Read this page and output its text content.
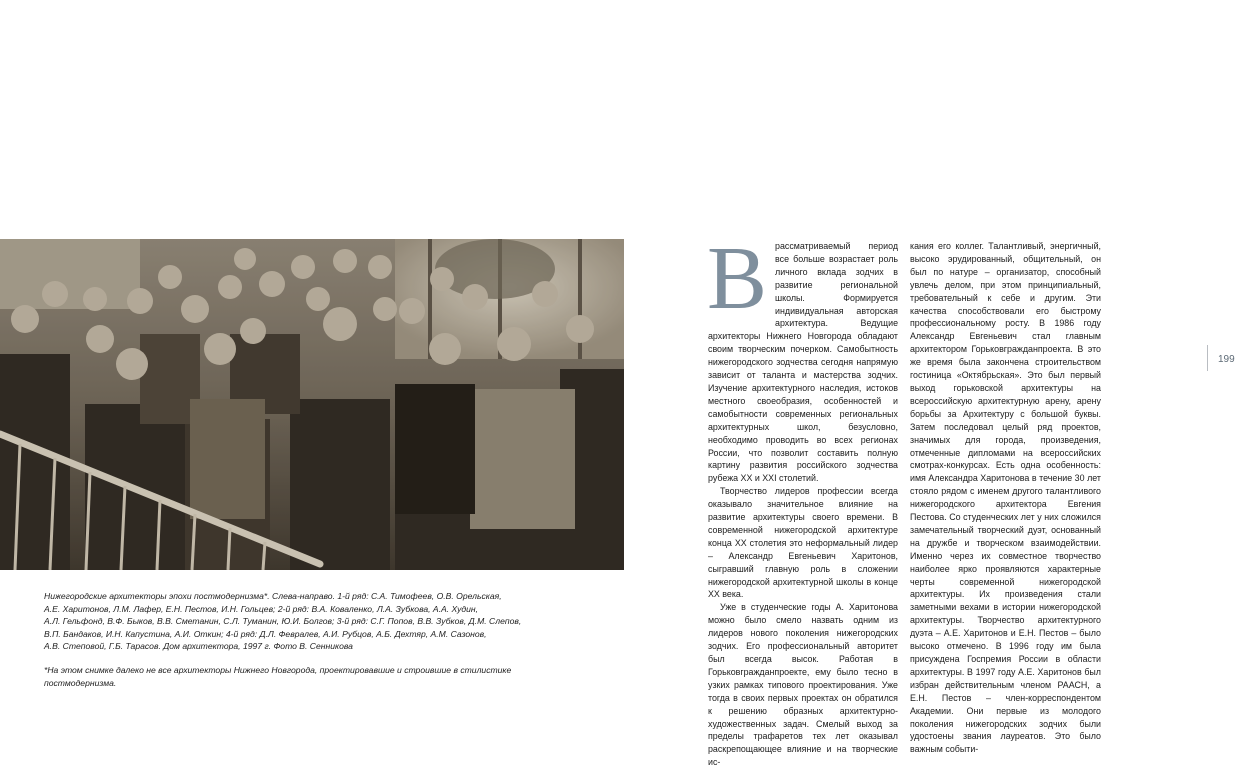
Нижегородские архитекторы эпохи постмодернизма*. Слева-направо. 1-й ряд: С.А. Тимофеев, О.В. Орельская,

А.Е. Харитонов, Л.М. Лафер, Е.Н. Пестов, И.Н. Гольцев; 2-й ряд: В.А. Коваленко, Л.А. Зубкова, А.А. Худин,

А.Л. Гельфонд, В.Ф. Быков, В.В. Сметанин, С.Л. Туманин, Ю.И. Болгов; 3-й ряд: С.Г. Попов, В.В. Зубков, Д.М. Слепов,

В.П. Бандаков, И.Н. Капустина, А.И. Откин; 4-й ряд: Д.Л. Февралев, А.И. Рубцов, А.Б. Дехтяр, А.М. Сазонов,

А.В. Степовой, Г.Б. Тарасов. Дом архитектора, 1997 г. Фото В. Сенникова

*На этом снимке далеко не все архитекторы Нижнего Новгорода, проектировавшие и строившие в стилистике

постмодернизма.

В рассматриваемый период все больше возрастает роль личного вклада зодчих в развитие региональной школы. Формируется индивидуальная авторская архитектура. Ведущие архитекторы Нижнего Новгорода обладают своим творческим почерком. Самобытность нижегородского зодчества сегодня напрямую зависит от таланта и мастерства зодчих. Изучение архитектурного наследия, истоков местного своеобразия, особенностей и самобытности современных региональных архитектурных школ, безусловно, необходимо проводить во всех регионах России, что позволит составить полную картину развития российского зодчества рубежа XX и XXI столетий.

Творчество лидеров профессии всегда оказывало значительное влияние на развитие архитектуры своего времени. В современной нижегородской архитектуре конца XX столетия это неформальный лидер – Александр Евгеньевич Харитонов, сыгравший главную роль в сложении нижегородской архитектурной школы в конце XX века.

Уже в студенческие годы А. Харитонова можно было смело назвать одним из лидеров нового поколения нижегородских зодчих. Его профессиональный авторитет был всегда высок. Работая в Горьковгражданпроекте, ему было тесно в узких рамках типового проектирования. Уже тогда в своих первых проектах он обратился к решению образных архитектурно-художественных задач. Смелый выход за пределы трафаретов тех лет оказывал раскрепощающее влияние и на творческие ис-

кания его коллег. Талантливый, энергичный, высоко эрудированный, общительный, он был по натуре – организатор, способный увлечь делом, при этом принципиальный, требовательный к себе и другим. Эти качества способствовали его быстрому профессиональному росту. В 1986 году Александр Евгеньевич стал главным архитектором Горьковгражданпроекта. В это же время была закончена строительством гостиница «Октябрьская». Это был первый выход горьковской архитектуры на всероссийскую архитектурную арену, арену борьбы за Архитектуру с большой буквы. Затем последовал целый ряд проектов, значимых для города, произведения, отмеченные дипломами на всероссийских смотрах-конкурсах. Есть одна особенность: имя Александра Харитонова в течение 30 лет стояло рядом с именем другого талантливого нижегородского архитектора Евгения Пестова. Со студенческих лет у них сложился замечательный творческий дуэт, основанный на дружбе и творческом взаимодействии. Именно через их совместное творчество наиболее ярко проявляются характерные черты современной нижегородской архитектуры. Их произведения стали заметными вехами в истории нижегородской архитектуры. Творчество архитектурного дуэта – А.Е. Харитонов и Е.Н. Пестов – было высоко отмечено. В 1996 году им была присуждена Госпремия России в области архитектуры. В 1997 году А.Е. Харитонов был избран действительным членом РААСН, а Е.Н. Пестов – член-корреспондентом Академии. Они первые из молодого поколения нижегородских зодчих были удостоены звания лауреатов. Это было важным событи-

199
